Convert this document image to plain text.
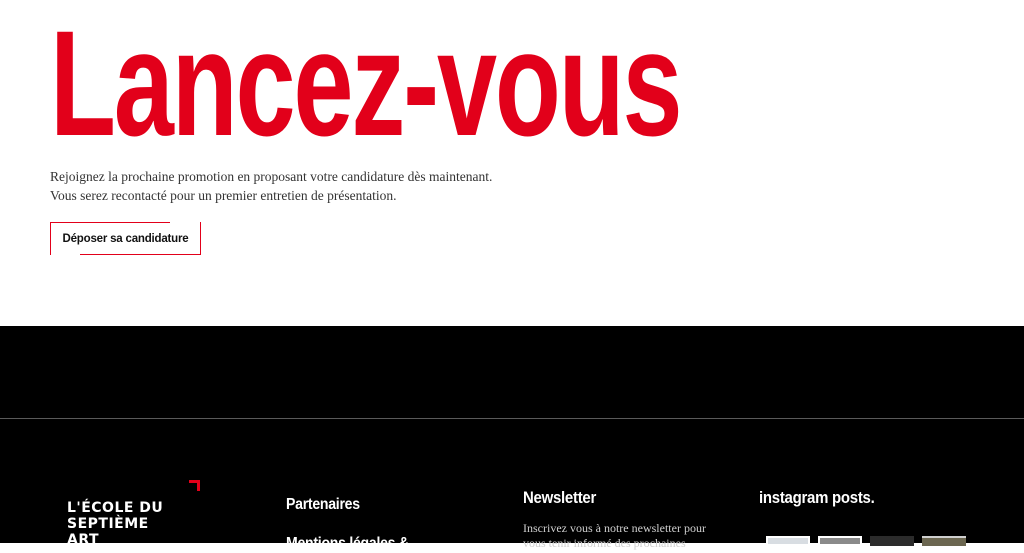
Lancez-vous

Rejoignez la prochaine promotion en proposant votre candidature dès maintenant. Vous serez recontacté pour un premier entretien de présentation.

Déposer sa candidature
L'ÉCOLE DU
SEPTIÈME
ART
Partenaires
Mentions légales &
Newsletter

Inscrivez vous à notre newsletter pour vous tenir informé des prochaines

instagram posts.
